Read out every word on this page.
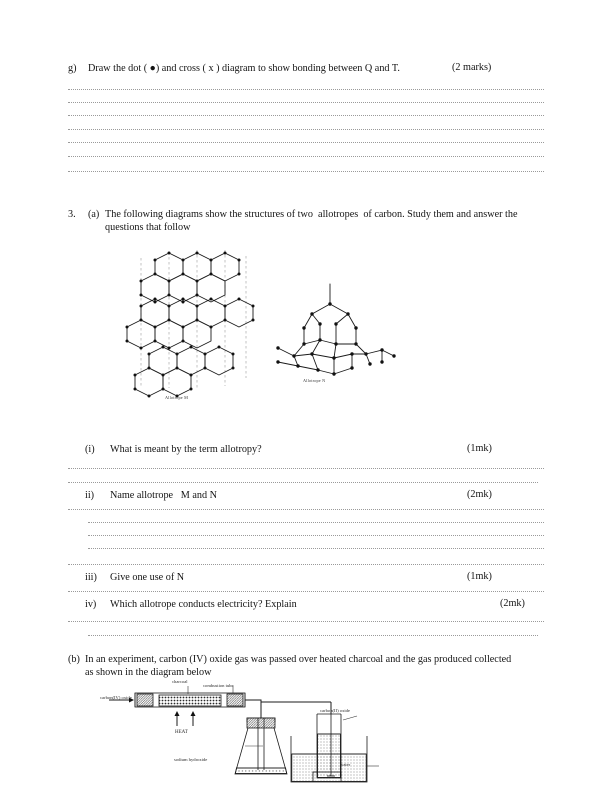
g) Draw the dot ( ●) and cross ( x ) diagram to show bonding between Q and T.	(2 marks)
3. (a) The following diagrams show the structures of two  allotropes  of carbon. Study them and answer the questions that follow
Allotrope M
Allotrope N
(i) What is meant by the term allotropy?	(1mk)
ii) Name allotrope   M and N	(2mk)
iii) Give one use of N	(1mk)
iv) Which allotrope conducts electricity? Explain	(2mk)
(b) In an experiment, carbon (IV) oxide gas was passed over heated charcoal and the gas produced collected as shown in the diagram below
carbon(IV) oxide
charcoal
combustion tube
HEAT
sodium hydroxide
carbon(II) oxide
water
